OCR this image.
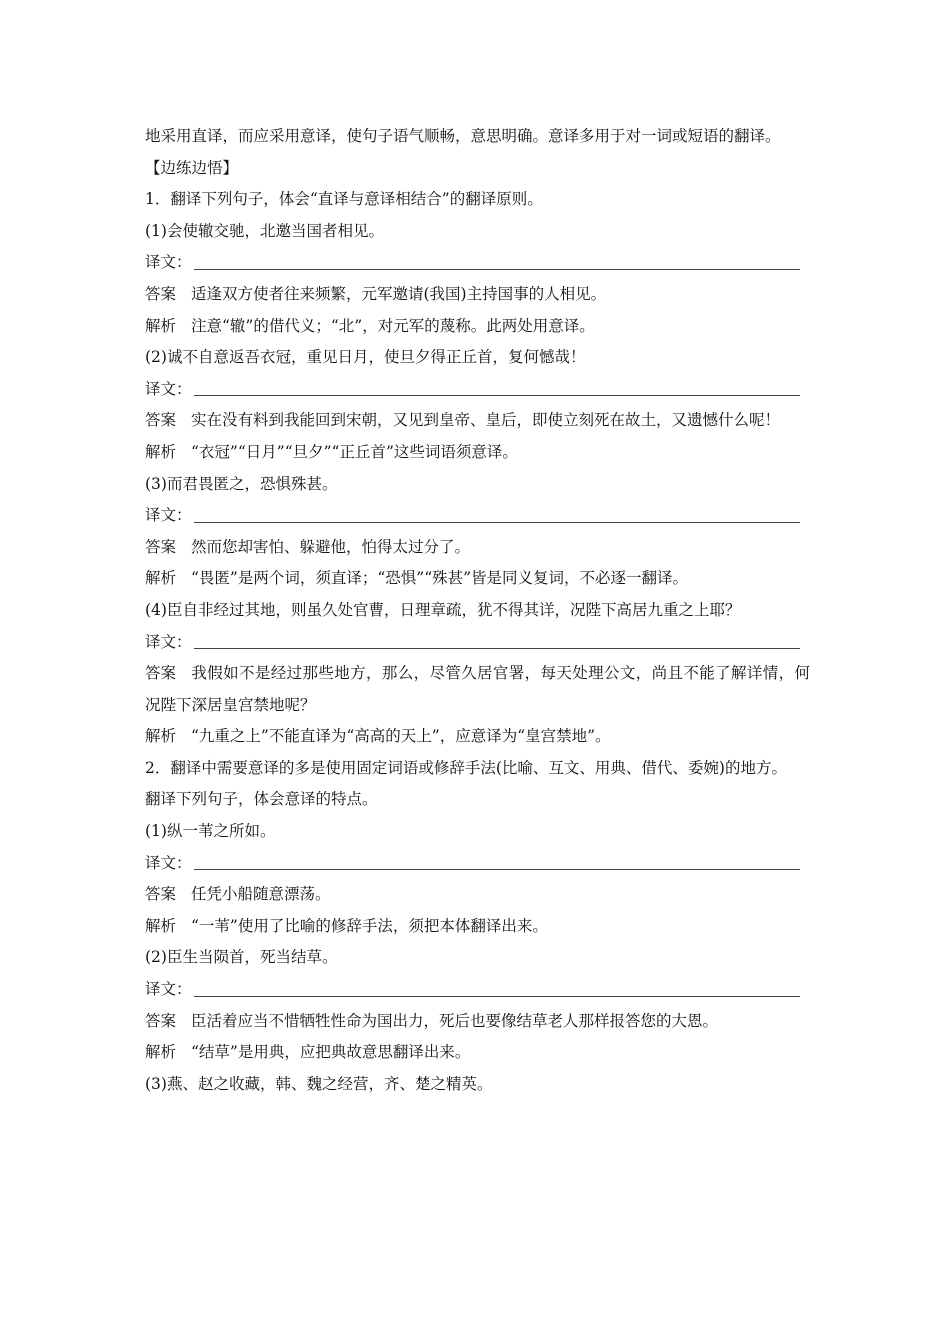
地采用直译，而应采用意译，使句子语气顺畅，意思明确。意译多用于对一词或短语的翻译。
【边练边悟】
1．翻译下列句子，体会“直译与意译相结合”的翻译原则。
(1)会使辙交驰，北邀当国者相见。
译文：
答案 适逢双方使者往来频繁，元军邀请(我国)主持国事的人相见。
解析 注意“辙”的借代义；“北”，对元军的蔑称。此两处用意译。
(2)诚不自意返吾衣冠，重见日月，使旦夕得正丘首，复何憾哉！
译文：
答案 实在没有料到我能回到宋朝，又见到皇帝、皇后，即使立刻死在故土，又遗憾什么呢！
解析 “衣冠”“日月”“旦夕”“正丘首”这些词语须意译。
(3)而君畏匿之，恐惧殊甚。
译文：
答案 然而您却害怕、躲避他，怕得太过分了。
解析 “畏匿”是两个词，须直译；“恐惧”“殊甚”皆是同义复词，不必逐一翻译。
(4)臣自非经过其地，则虽久处官曹，日理章疏，犹不得其详，况陛下高居九重之上耶？
译文：
答案 我假如不是经过那些地方，那么，尽管久居官署，每天处理公文，尚且不能了解详情，何况陛下深居皇宫禁地呢？
解析 “九重之上”不能直译为“高高的天上”，应意译为“皇宫禁地”。
2．翻译中需要意译的多是使用固定词语或修辞手法(比喻、互文、用典、借代、委婉)的地方。
翻译下列句子，体会意译的特点。
(1)纵一苇之所如。
译文：
答案 任凭小船随意漂荡。
解析 “一苇”使用了比喻的修辞手法，须把本体翻译出来。
(2)臣生当陨首，死当结草。
译文：
答案 臣活着应当不惜牺牲性命为国出力，死后也要像结草老人那样报答您的大恩。
解析 “结草”是用典，应把典故意思翻译出来。
(3)燕、赵之收藏，韩、魏之经营，齐、楚之精英。
